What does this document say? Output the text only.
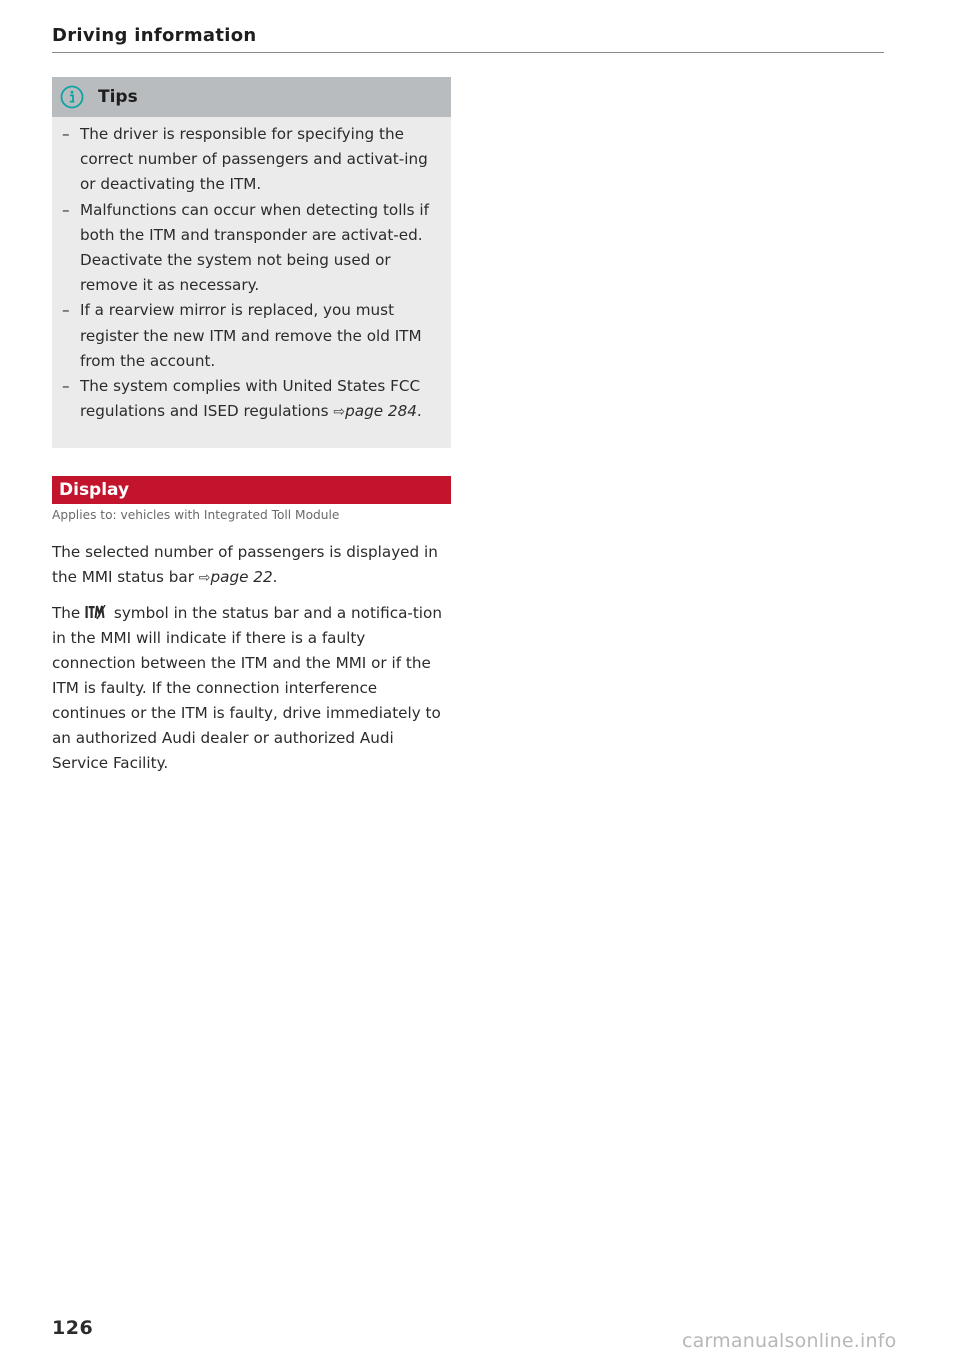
Driving information
Tips
– The driver is responsible for specifying the correct number of passengers and activat-ing or deactivating the ITM.
– Malfunctions can occur when detecting tolls if both the ITM and transponder are activat-ed. Deactivate the system not being used or remove it as necessary.
– If a rearview mirror is replaced, you must register the new ITM and remove the old ITM from the account.
– The system complies with United States FCC regulations and ISED regulations ⇨page 284.
Display
Applies to: vehicles with Integrated Toll Module

The selected number of passengers is displayed in the MMI status bar ⇨page 22.

The symbol in the status bar and a notifica-tion in the MMI will indicate if there is a faulty connection between the ITM and the MMI or if the ITM is faulty. If the connection interference continues or the ITM is faulty, drive immediately to an authorized Audi dealer or authorized Audi Service Facility.

126
carmanualsonline.info
